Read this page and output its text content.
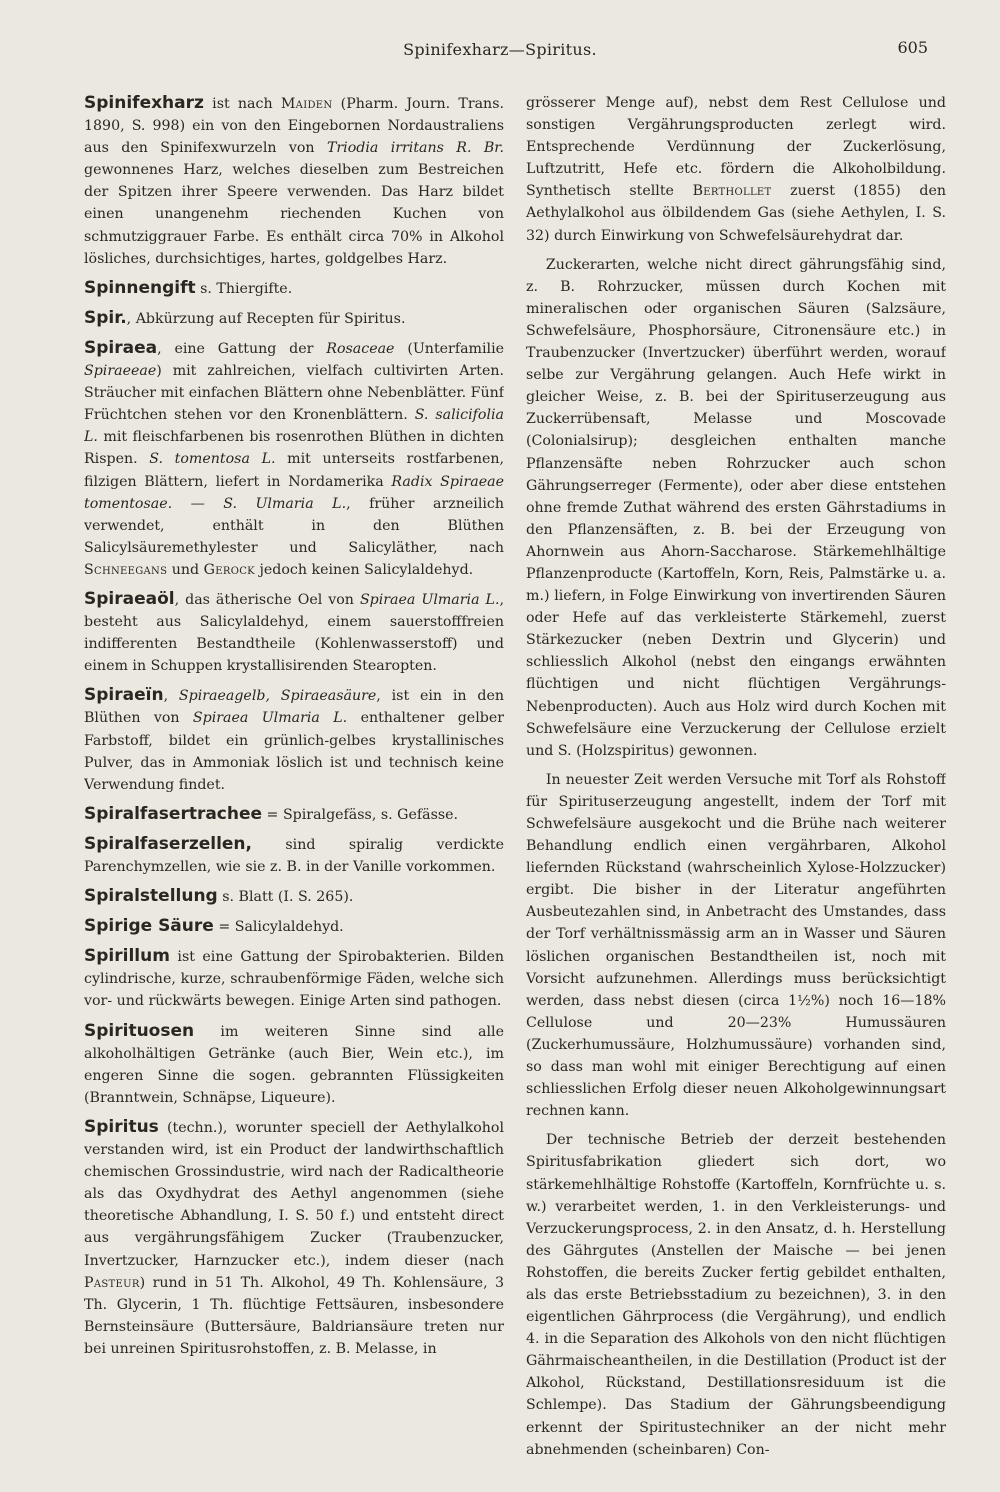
Spinifexharz—Spiritus.	605

Spinifexharz ist nach Maiden (Pharm. Journ. Trans. 1890, S. 998) ein von den Eingebornen Nordaustraliens aus den Spinifexwurzeln von Triodia irritans R. Br. gewonnenes Harz, welches dieselben zum Bestreichen der Spitzen ihrer Speere verwenden. Das Harz bildet einen unangenehm riechenden Kuchen von schmutziggrauer Farbe. Es enthält circa 70% in Alkohol lösliches, durchsichtiges, hartes, goldgelbes Harz.

Spinnengift s. Thiergifte.

Spir., Abkürzung auf Recepten für Spiritus.

Spiraea, eine Gattung der Rosaceae (Unterfamilie Spiraeeae) mit zahlreichen, vielfach cultivirten Arten. Sträucher mit einfachen Blättern ohne Nebenblätter. Fünf Früchtchen stehen vor den Kronenblättern. S. salicifolia L. mit fleischfarbenen bis rosenrothen Blüthen in dichten Rispen. S. tomentosa L. mit unterseits rostfarbenen, filzigen Blättern, liefert in Nordamerika Radix Spiraeae tomentosae. — S. Ulmaria L., früher arzneilich verwendet, enthält in den Blüthen Salicylsäuremethylester und Salicyläther, nach Schneegans und Gerock jedoch keinen Salicylaldehyd.

Spiraeaöl, das ätherische Oel von Spiraea Ulmaria L., besteht aus Salicylaldehyd, einem sauerstofffreien indifferenten Bestandtheile (Kohlenwasserstoff) und einem in Schuppen krystallisirenden Stearopten.

Spiraeïn, Spiraeagelb, Spiraeasäure, ist ein in den Blüthen von Spiraea Ulmaria L. enthaltener gelber Farbstoff, bildet ein grünlich-gelbes krystallinisches Pulver, das in Ammoniak löslich ist und technisch keine Verwendung findet.

Spiralfasertrachee = Spiralgefäss, s. Gefässe.

Spiralfaserzellen, sind spiralig verdickte Parenchymzellen, wie sie z. B. in der Vanille vorkommen.

Spiralstellung s. Blatt (I. S. 265).

Spirige Säure = Salicylaldehyd.

Spirillum ist eine Gattung der Spirobakterien. Bilden cylindrische, kurze, schraubenförmige Fäden, welche sich vor- und rückwärts bewegen. Einige Arten sind pathogen.

Spirituosen im weiteren Sinne sind alle alkoholhältigen Getränke (auch Bier, Wein etc.), im engeren Sinne die sogen. gebrannten Flüssigkeiten (Branntwein, Schnäpse, Liqueure).

Spiritus (techn.), worunter speciell der Aethylalkohol verstanden wird, ist ein Product der landwirthschaftlich chemischen Grossindustrie, wird nach der Radicaltheorie als das Oxydhydrat des Aethyl angenommen (siehe theoretische Abhandlung, I. S. 50 f.) und entsteht direct aus vergährungsfähigem Zucker (Traubenzucker, Invertzucker, Harnzucker etc.), indem dieser (nach Pasteur) rund in 51 Th. Alkohol, 49 Th. Kohlensäure, 3 Th. Glycerin, 1 Th. flüchtige Fettsäuren, insbesondere Bernsteinsäure (Buttersäure, Baldriansäure treten nur bei unreinen Spiritusrohstoffen, z. B. Melasse, in

grösserer Menge auf), nebst dem Rest Cellulose und sonstigen Vergährungsproducten zerlegt wird. Entsprechende Verdünnung der Zuckerlösung, Luftzutritt, Hefe etc. fördern die Alkoholbildung. Synthetisch stellte Berthollet zuerst (1855) den Aethylalkohol aus ölbildendem Gas (siehe Aethylen, I. S. 32) durch Einwirkung von Schwefelsäurehydrat dar.

Zuckerarten, welche nicht direct gährungsfähig sind, z. B. Rohrzucker, müssen durch Kochen mit mineralischen oder organischen Säuren (Salzsäure, Schwefelsäure, Phosphorsäure, Citronensäure etc.) in Traubenzucker (Invertzucker) überführt werden, worauf selbe zur Vergährung gelangen. Auch Hefe wirkt in gleicher Weise, z. B. bei der Spirituserzeugung aus Zuckerrübensaft, Melasse und Moscovade (Colonialsirup); desgleichen enthalten manche Pflanzensäfte neben Rohrzucker auch schon Gährungserreger (Fermente), oder aber diese entstehen ohne fremde Zuthat während des ersten Gährstadiums in den Pflanzensäften, z. B. bei der Erzeugung von Ahornwein aus Ahorn-Saccharose. Stärkemehlhältige Pflanzenproducte (Kartoffeln, Korn, Reis, Palmstärke u. a. m.) liefern, in Folge Einwirkung von invertirenden Säuren oder Hefe auf das verkleisterte Stärkemehl, zuerst Stärkezucker (neben Dextrin und Glycerin) und schliesslich Alkohol (nebst den eingangs erwähnten flüchtigen und nicht flüchtigen Vergährungs-Nebenproducten). Auch aus Holz wird durch Kochen mit Schwefelsäure eine Verzuckerung der Cellulose erzielt und S. (Holzspiritus) gewonnen.

In neuester Zeit werden Versuche mit Torf als Rohstoff für Spirituserzeugung angestellt, indem der Torf mit Schwefelsäure ausgekocht und die Brühe nach weiterer Behandlung endlich einen vergährbaren, Alkohol liefernden Rückstand (wahrscheinlich Xylose-Holzzucker) ergibt. Die bisher in der Literatur angeführten Ausbeutezahlen sind, in Anbetracht des Umstandes, dass der Torf verhältnissmässig arm an in Wasser und Säuren löslichen organischen Bestandtheilen ist, noch mit Vorsicht aufzunehmen. Allerdings muss berücksichtigt werden, dass nebst diesen (circa 1½%) noch 16—18% Cellulose und 20—23% Humussäuren (Zuckerhumussäure, Holzhumussäure) vorhanden sind, so dass man wohl mit einiger Berechtigung auf einen schliesslichen Erfolg dieser neuen Alkoholgewinnungsart rechnen kann.

Der technische Betrieb der derzeit bestehenden Spiritusfabrikation gliedert sich dort, wo stärkemehlhältige Rohstoffe (Kartoffeln, Kornfrüchte u. s. w.) verarbeitet werden, 1. in den Verkleisterungs- und Verzuckerungsprocess, 2. in den Ansatz, d. h. Herstellung des Gährgutes (Anstellen der Maische — bei jenen Rohstoffen, die bereits Zucker fertig gebildet enthalten, als das erste Betriebsstadium zu bezeichnen), 3. in den eigentlichen Gährprocess (die Vergährung), und endlich 4. in die Separation des Alkohols von den nicht flüchtigen Gährmaischeantheilen, in die Destillation (Product ist der Alkohol, Rückstand, Destillationsresiduum ist die Schlempe). Das Stadium der Gährungsbeendigung erkennt der Spiritustechniker an der nicht mehr abnehmenden (scheinbaren) Con-
